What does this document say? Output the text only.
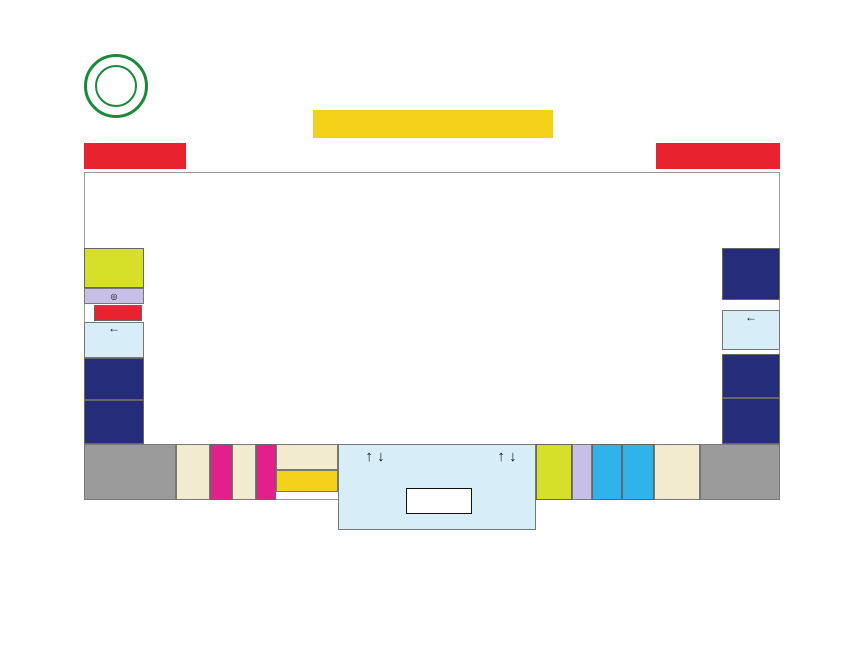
◎
←
←
↑ ↓	↑ ↓
